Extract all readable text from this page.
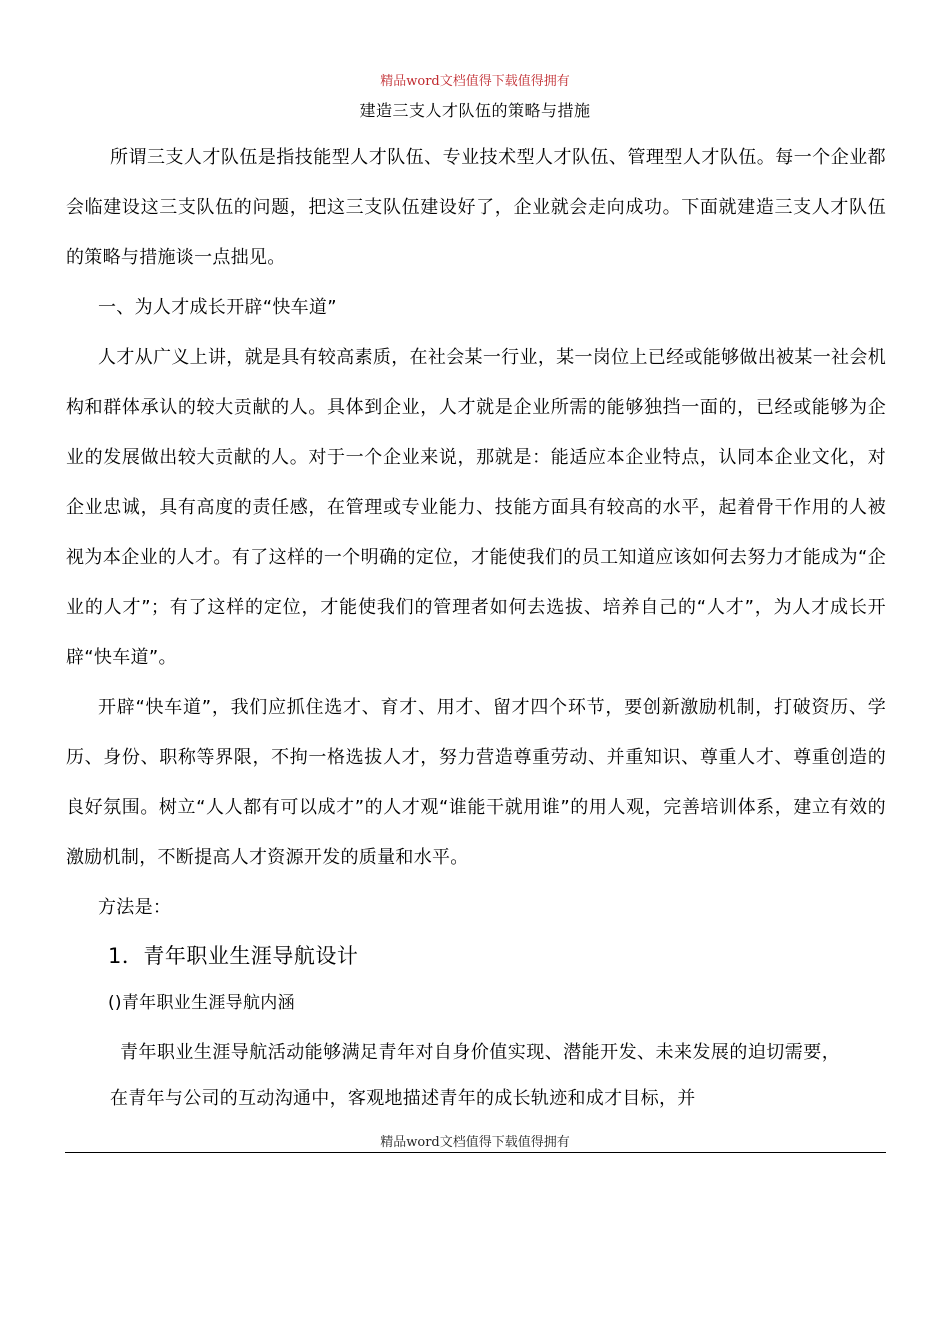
精品word文档值得下载值得拥有
建造三支人才队伍的策略与措施
所谓三支人才队伍是指技能型人才队伍、专业技术型人才队伍、管理型人才队伍。每一个企业都会临建设这三支队伍的问题，把这三支队伍建设好了，企业就会走向成功。下面就建造三支人才队伍的策略与措施谈一点拙见。
一、为人才成长开辟“快车道”
人才从广义上讲，就是具有较高素质，在社会某一行业，某一岗位上已经或能够做出被某一社会机构和群体承认的较大贡献的人。具体到企业，人才就是企业所需的能够独挡一面的，已经或能够为企业的发展做出较大贡献的人。对于一个企业来说，那就是：能适应本企业特点，认同本企业文化，对企业忠诚，具有高度的责任感，在管理或专业能力、技能方面具有较高的水平，起着骨干作用的人被视为本企业的人才。有了这样的一个明确的定位，才能使我们的员工知道应该如何去努力才能成为“企业的人才”；有了这样的定位，才能使我们的管理者如何去选拔、培养自己的“人才”，为人才成长开辟“快车道”。
开辟“快车道”，我们应抓住选才、育才、用才、留才四个环节，要创新激励机制，打破资历、学历、身份、职称等界限，不拘一格选拔人才，努力营造尊重劳动、并重知识、尊重人才、尊重创造的良好氛围。树立“人人都有可以成才”的人才观“谁能干就用谁”的用人观，完善培训体系，建立有效的激励机制，不断提高人才资源开发的质量和水平。
方法是：
1．青年职业生涯导航设计
()青年职业生涯导航内涵
青年职业生涯导航活动能够满足青年对自身价值实现、潜能开发、未来发展的迫切需要，在青年与公司的互动沟通中，客观地描述青年的成长轨迹和成才目标，并
精品word文档值得下载值得拥有
